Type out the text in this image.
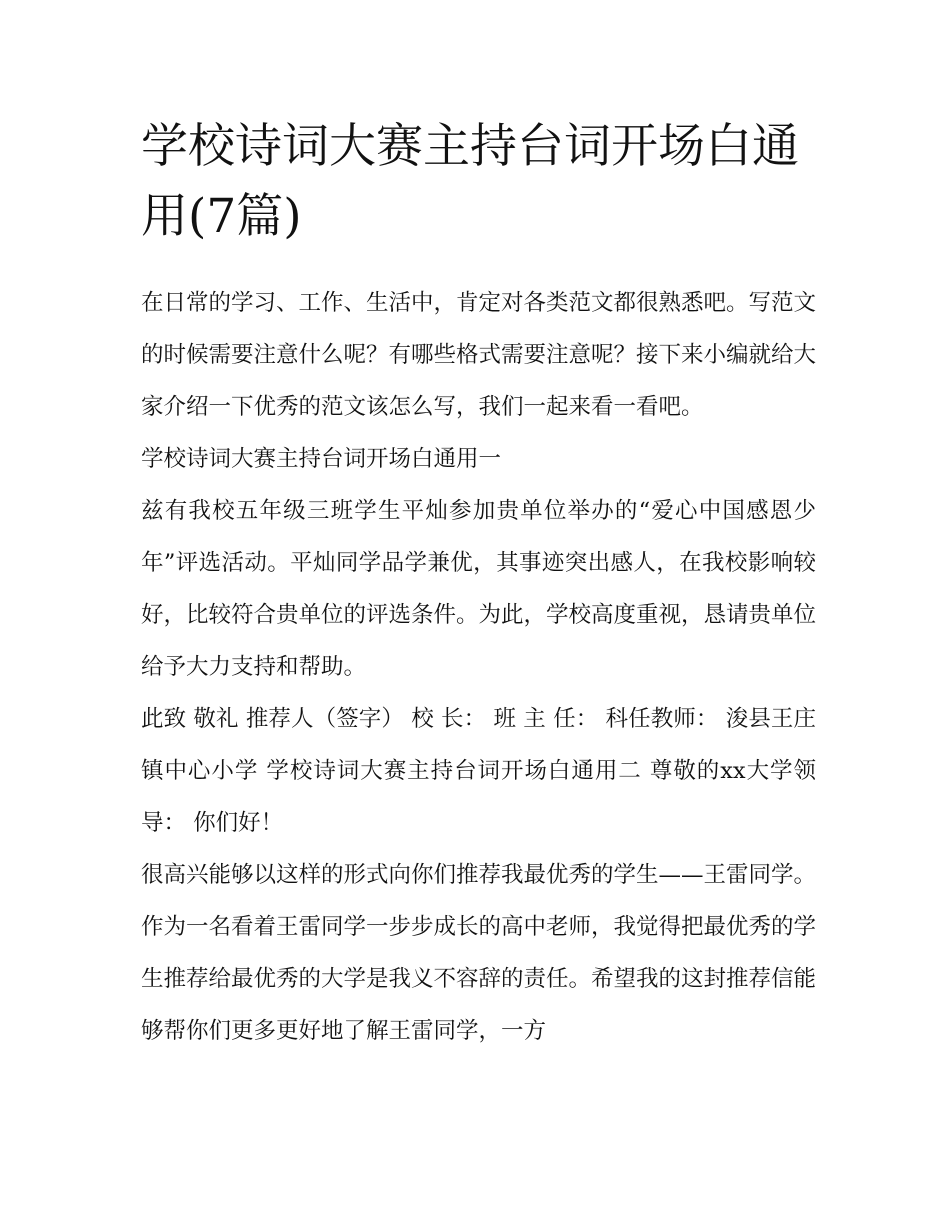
学校诗词大赛主持台词开场白通用(7篇)

在日常的学习、工作、生活中，肯定对各类范文都很熟悉吧。写范文的时候需要注意什么呢？有哪些格式需要注意呢？接下来小编就给大家介绍一下优秀的范文该怎么写，我们一起来看一看吧。

学校诗词大赛主持台词开场白通用一

兹有我校五年级三班学生平灿参加贵单位举办的“爱心中国感恩少年”评选活动。平灿同学品学兼优，其事迹突出感人，在我校影响较好，比较符合贵单位的评选条件。为此，学校高度重视，恳请贵单位给予大力支持和帮助。

此致 敬礼 推荐人（签字） 校 长： 班 主 任： 科任教师： 浚县王庄镇中心小学 学校诗词大赛主持台词开场白通用二 尊敬的xx大学领导： 你们好！

很高兴能够以这样的形式向你们推荐我最优秀的学生——王雷同学。作为一名看着王雷同学一步步成长的高中老师，我觉得把最优秀的学生推荐给最优秀的大学是我义不容辞的责任。希望我的这封推荐信能够帮你们更多更好地了解王雷同学，一方
